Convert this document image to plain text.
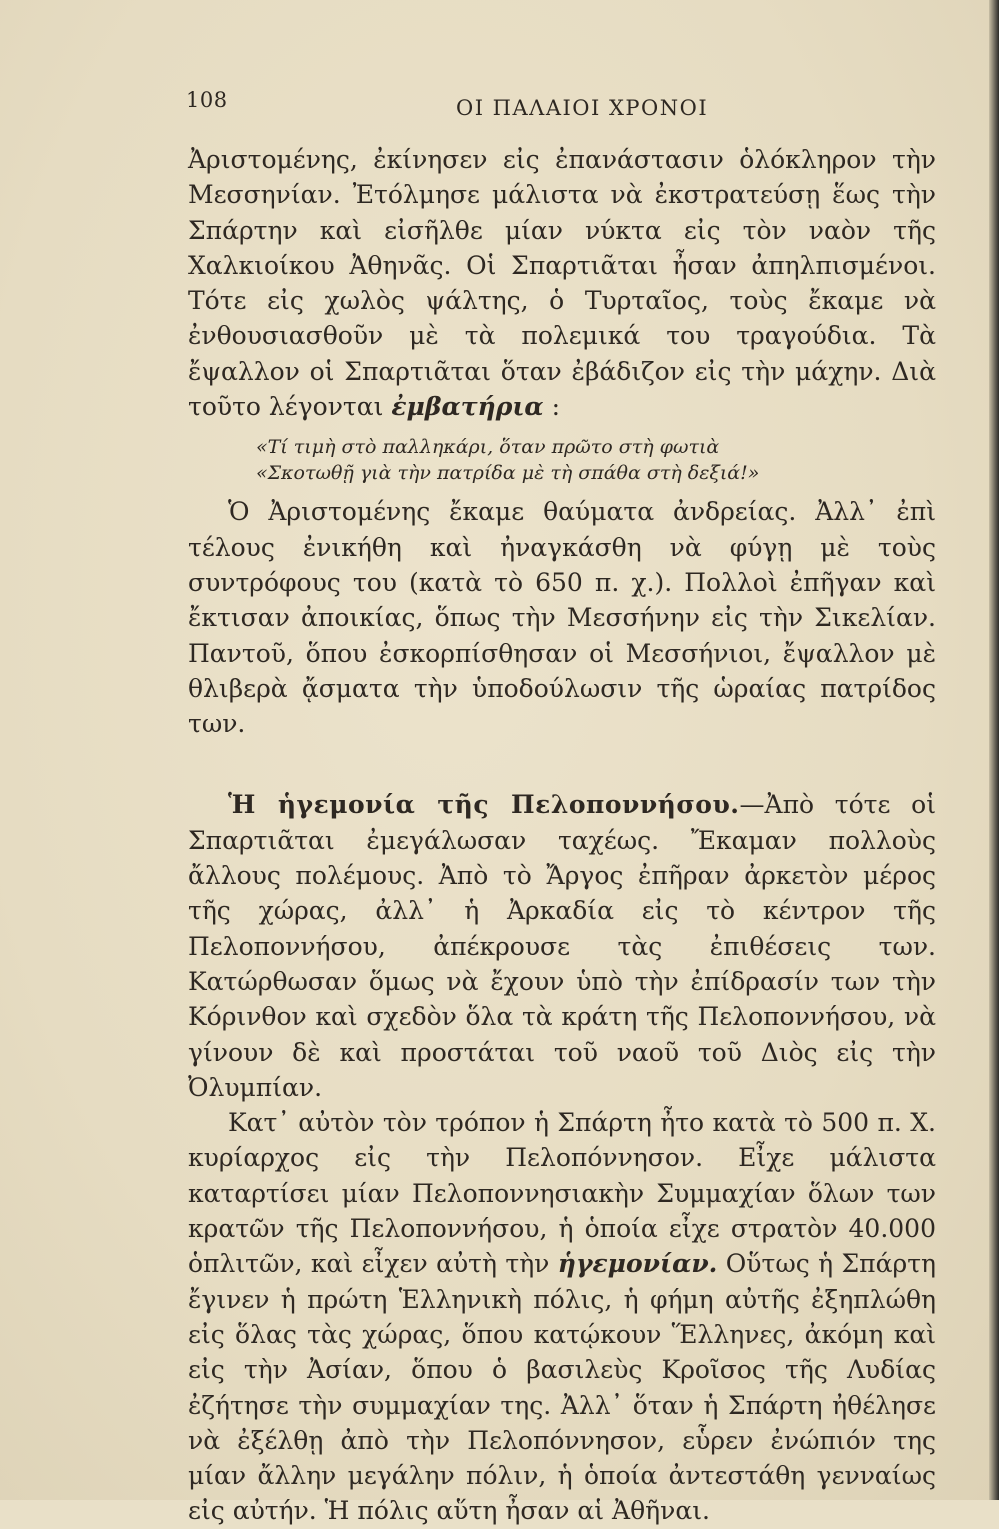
108	ΟΙ ΠΑΛΑΙΟΙ ΧΡΟΝΟΙ

Ἀριστομένης, ἐκίνησεν εἰς ἐπανάστασιν ὁλόκληρον τὴν Μεσσηνίαν. Ἐτόλμησε μάλιστα νὰ ἐκστρατεύσῃ ἕως τὴν Σπάρτην καὶ εἰσῆλθε μίαν νύκτα εἰς τὸν ναὸν τῆς Χαλκιοίκου Ἀθηνᾶς. Οἱ Σπαρτιᾶται ἦσαν ἀπηλπισμένοι. Τότε εἰς χωλὸς ψάλτης, ὁ Τυρταῖος, τοὺς ἔκαμε νὰ ἐνθουσιασθοῦν μὲ τὰ πολεμικά του τραγούδια. Τὰ ἔψαλλον οἱ Σπαρτιᾶται ὅταν ἐβάδιζον εἰς τὴν μάχην. Διὰ τοῦτο λέγονται ἐμβατήρια :

«Τί τιμὴ στὸ παλληκάρι, ὅταν πρῶτο στὴ φωτιὰ
«Σκοτωθῇ γιὰ τὴν πατρίδα μὲ τὴ σπάθα στὴ δεξιά!»

Ὁ Ἀριστομένης ἔκαμε θαύματα ἀνδρείας. Ἀλλ᾽ ἐπὶ τέλους ἐνικήθη καὶ ἠναγκάσθη νὰ φύγῃ μὲ τοὺς συντρόφους του (κατὰ τὸ 650 π. χ.). Πολλοὶ ἐπῆγαν καὶ ἔκτισαν ἀποικίας, ὅπως τὴν Μεσσήνην εἰς τὴν Σικελίαν. Παντοῦ, ὅπου ἐσκορπίσθησαν οἱ Μεσσήνιοι, ἔψαλλον μὲ θλιβερὰ ᾄσματα τὴν ὑποδούλωσιν τῆς ὡραίας πατρίδος των.

Ἡ ἡγεμονία τῆς Πελοποννήσου.—Ἀπὸ τότε οἱ Σπαρτιᾶται ἐμεγάλωσαν ταχέως. Ἔκαμαν πολλοὺς ἄλλους πολέμους. Ἀπὸ τὸ Ἄργος ἐπῆραν ἀρκετὸν μέρος τῆς χώρας, ἀλλ᾽ ἡ Ἀρκαδία εἰς τὸ κέντρον τῆς Πελοποννήσου, ἀπέκρουσε τὰς ἐπιθέσεις των. Κατώρθωσαν ὅμως νὰ ἔχουν ὑπὸ τὴν ἐπίδρασίν των τὴν Κόρινθον καὶ σχεδὸν ὅλα τὰ κράτη τῆς Πελοποννήσου, νὰ γίνουν δὲ καὶ προστάται τοῦ ναοῦ τοῦ Διὸς εἰς τὴν Ὀλυμπίαν.

Κατ᾽ αὐτὸν τὸν τρόπον ἡ Σπάρτη ἦτο κατὰ τὸ 500 π. Χ. κυρίαρχος εἰς τὴν Πελοπόννησον. Εἶχε μάλιστα καταρτίσει μίαν Πελοποννησιακὴν Συμμαχίαν ὅλων των κρατῶν τῆς Πελοποννήσου, ἡ ὁποία εἶχε στρατὸν 40.000 ὁπλιτῶν, καὶ εἶχεν αὐτὴ τὴν ἡγεμονίαν. Οὕτως ἡ Σπάρτη ἔγινεν ἡ πρώτη Ἑλληνικὴ πόλις, ἡ φήμη αὐτῆς ἐξηπλώθη εἰς ὅλας τὰς χώρας, ὅπου κατῴκουν Ἕλληνες, ἀκόμη καὶ εἰς τὴν Ἀσίαν, ὅπου ὁ βασιλεὺς Κροῖσος τῆς Λυδίας ἐζήτησε τὴν συμμαχίαν της. Ἀλλ᾽ ὅταν ἡ Σπάρτη ἠθέλησε νὰ ἐξέλθῃ ἀπὸ τὴν Πελοπόννησον, εὗρεν ἐνώπιόν της μίαν ἄλλην μεγάλην πόλιν, ἡ ὁποία ἀντεστάθη γενναίως εἰς αὐτήν. Ἡ πόλις αὕτη ἦσαν αἱ Ἀθῆναι.
